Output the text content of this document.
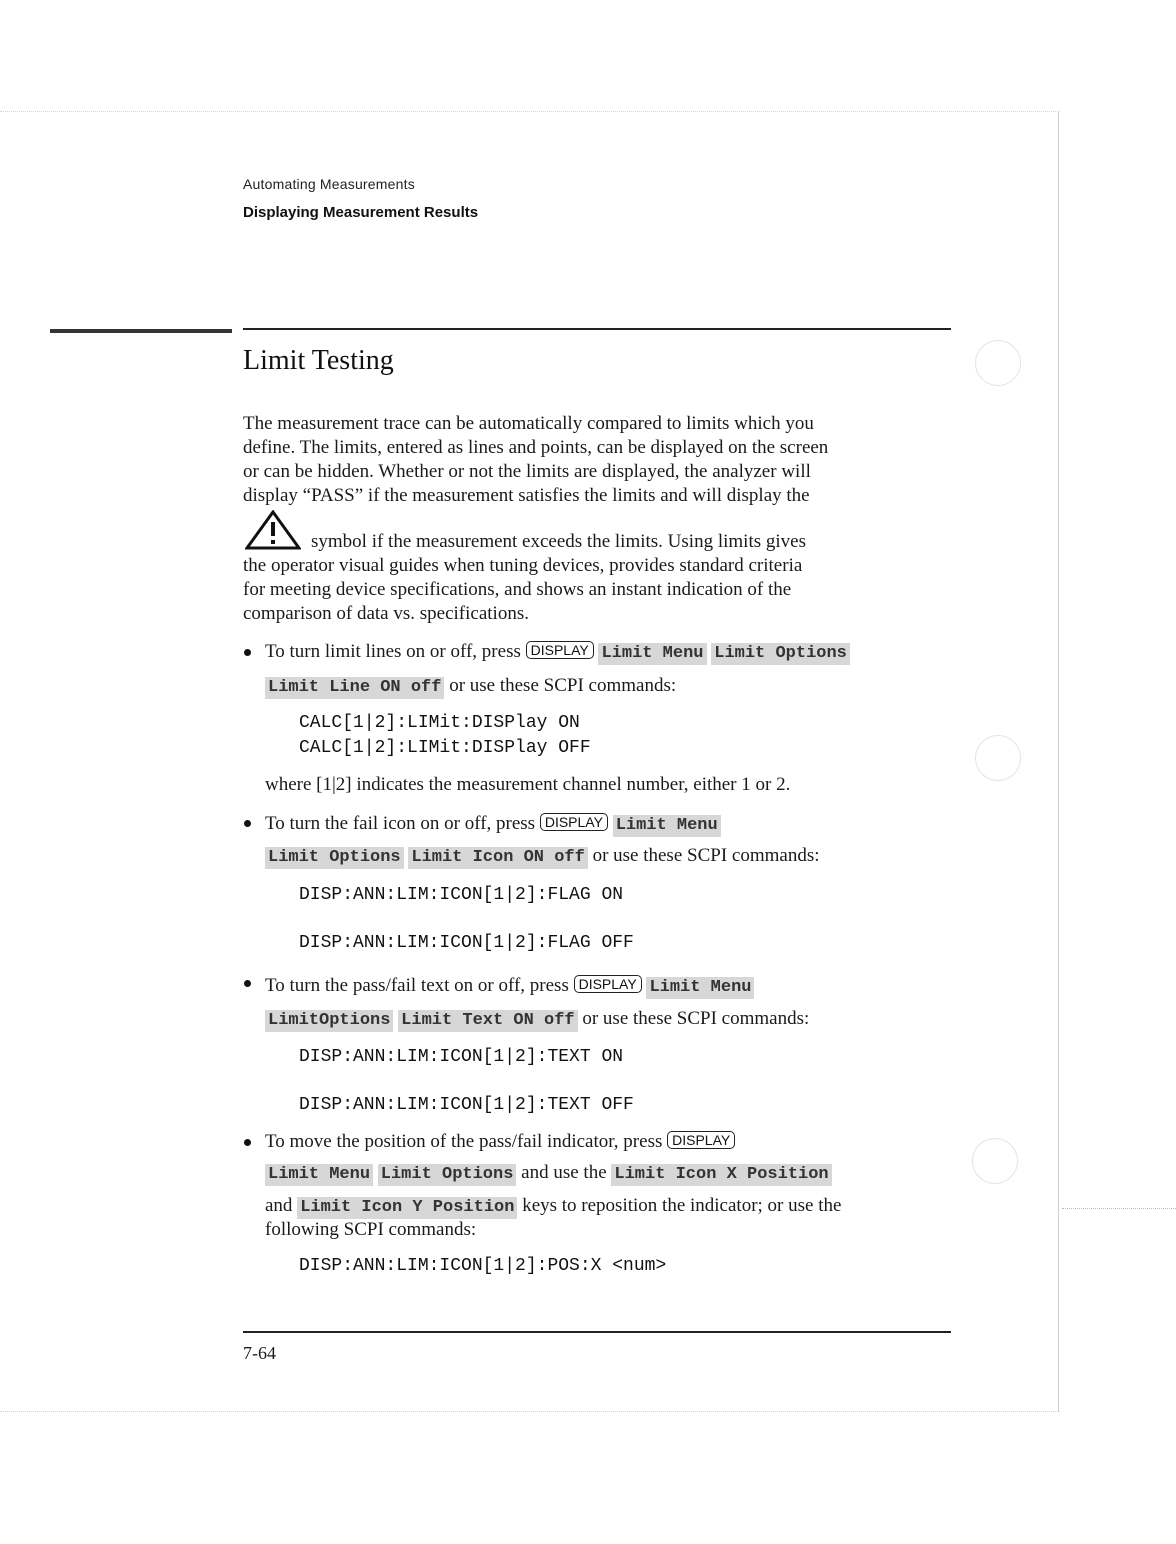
Automating Measurements
Displaying Measurement Results
Limit Testing
The measurement trace can be automatically compared to limits which you
define. The limits, entered as lines and points, can be displayed on the screen
or can be hidden. Whether or not the limits are displayed, the analyzer will
display “PASS” if the measurement satisfies the limits and will display the
symbol if the measurement exceeds the limits. Using limits gives
the operator visual guides when tuning devices, provides standard criteria
for meeting device specifications, and shows an instant indication of the
comparison of data vs. specifications.
To turn limit lines on or off, press DISPLAY Limit Menu Limit Options
Limit Line ON off or use these SCPI commands:
CALC[1|2]:LIMit:DISPlay ON
CALC[1|2]:LIMit:DISPlay OFF
where [1|2] indicates the measurement channel number, either 1 or 2.
To turn the fail icon on or off, press DISPLAY Limit Menu
Limit Options Limit Icon ON off or use these SCPI commands:
DISP:ANN:LIM:ICON[1|2]:FLAG ON
DISP:ANN:LIM:ICON[1|2]:FLAG OFF
To turn the pass/fail text on or off, press DISPLAY Limit Menu
LimitOptions Limit Text ON off or use these SCPI commands:
DISP:ANN:LIM:ICON[1|2]:TEXT ON
DISP:ANN:LIM:ICON[1|2]:TEXT OFF
To move the position of the pass/fail indicator, press DISPLAY
Limit Menu Limit Options and use the Limit Icon X Position
and Limit Icon Y Position keys to reposition the indicator; or use the
following SCPI commands:
DISP:ANN:LIM:ICON[1|2]:POS:X <num>
7-64
